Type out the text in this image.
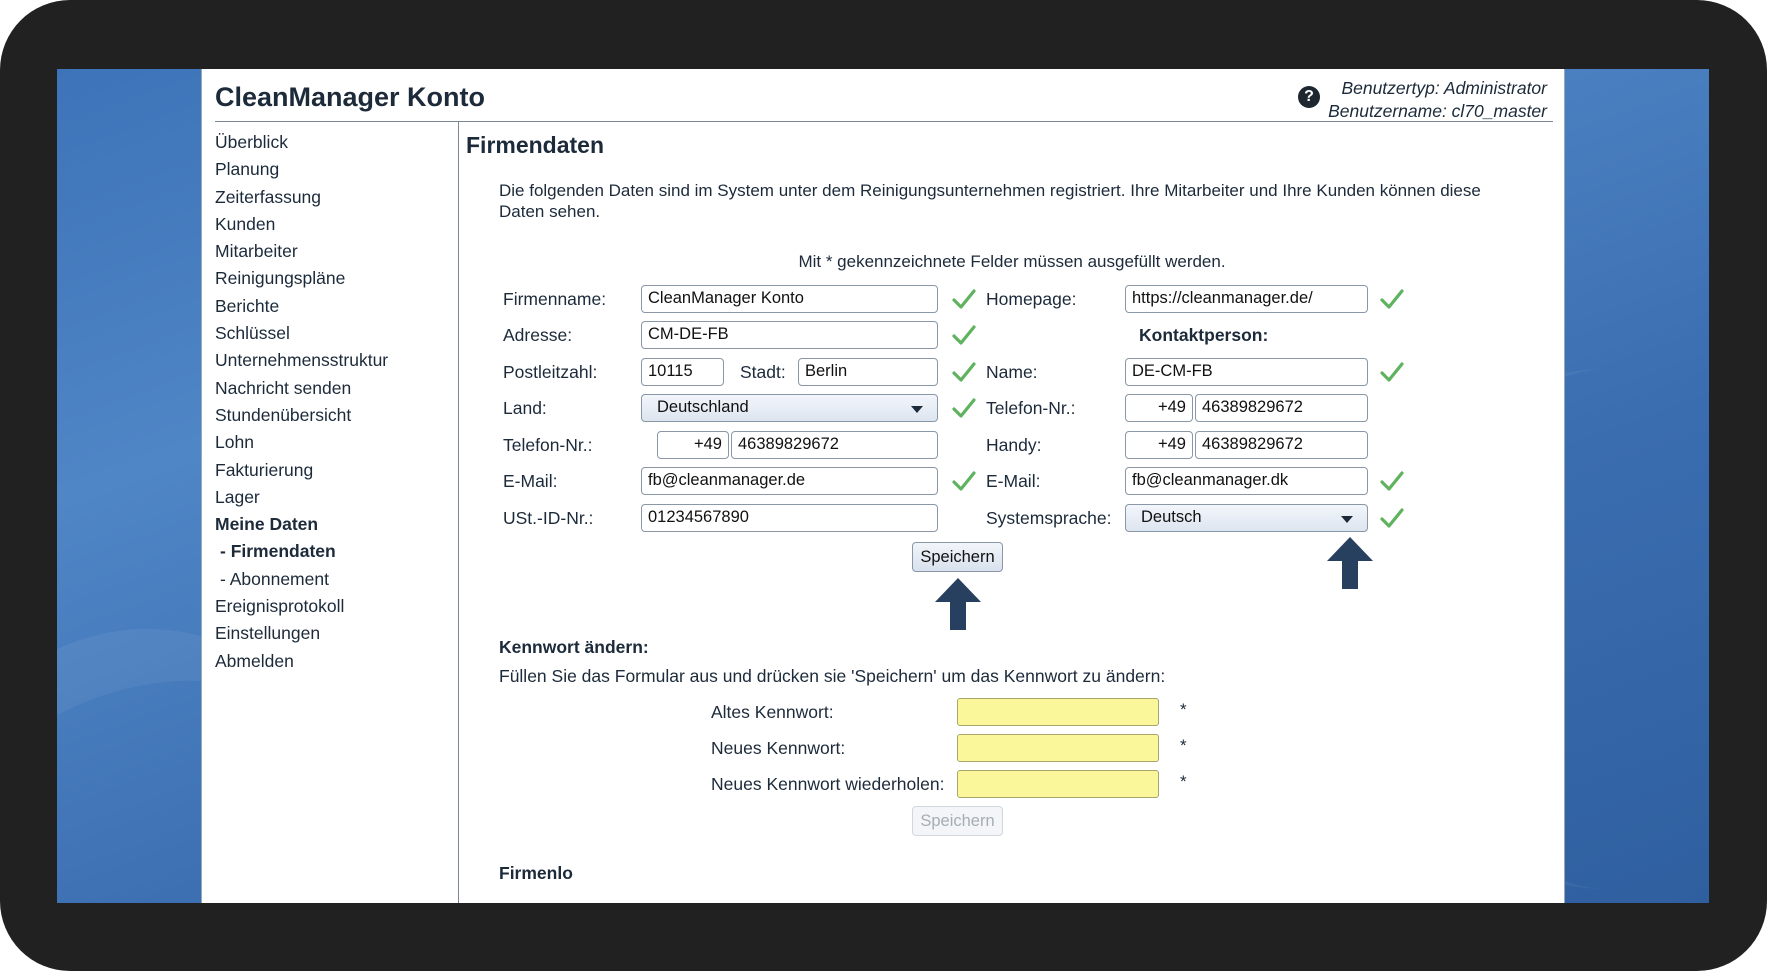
CleanManager Konto	?	Benutzertyp: Administrator
Benutzername: cl70_master
Überblick
Planung
Zeiterfassung
Kunden
Mitarbeiter
Reinigungspläne
Berichte
Schlüssel
Unternehmensstruktur
Nachricht senden
Stundenübersicht
Lohn
Fakturierung
Lager
Meine Daten
- Firmendaten
- Abonnement
Ereignisprotokoll
Einstellungen
Abmelden
Firmendaten
Die folgenden Daten sind im System unter dem Reinigungsunternehmen registriert. Ihre Mitarbeiter und Ihre Kunden können diese Daten sehen.
Mit * gekennzeichnete Felder müssen ausgefüllt werden.
Firmenname:	CleanManager Konto
Adresse:	CM-DE-FB
Postleitzahl:	10115	Stadt:	Berlin
Land:	Deutschland
Telefon-Nr.:	+49 46389829672
E-Mail:	fb@cleanmanager.de
USt.-ID-Nr.:	01234567890
Homepage:	https://cleanmanager.de/
Kontaktperson:
Name:	DE-CM-FB
Telefon-Nr.:	+49 46389829672
Handy:	+49 46389829672
E-Mail:	fb@cleanmanager.dk
Systemsprache:	Deutsch
Speichern
Kennwort ändern:
Füllen Sie das Formular aus und drücken sie 'Speichern' um das Kennwort zu ändern:
Altes Kennwort:	*
Neues Kennwort:	*
Neues Kennwort wiederholen:	*
Speichern
Firmenlo
